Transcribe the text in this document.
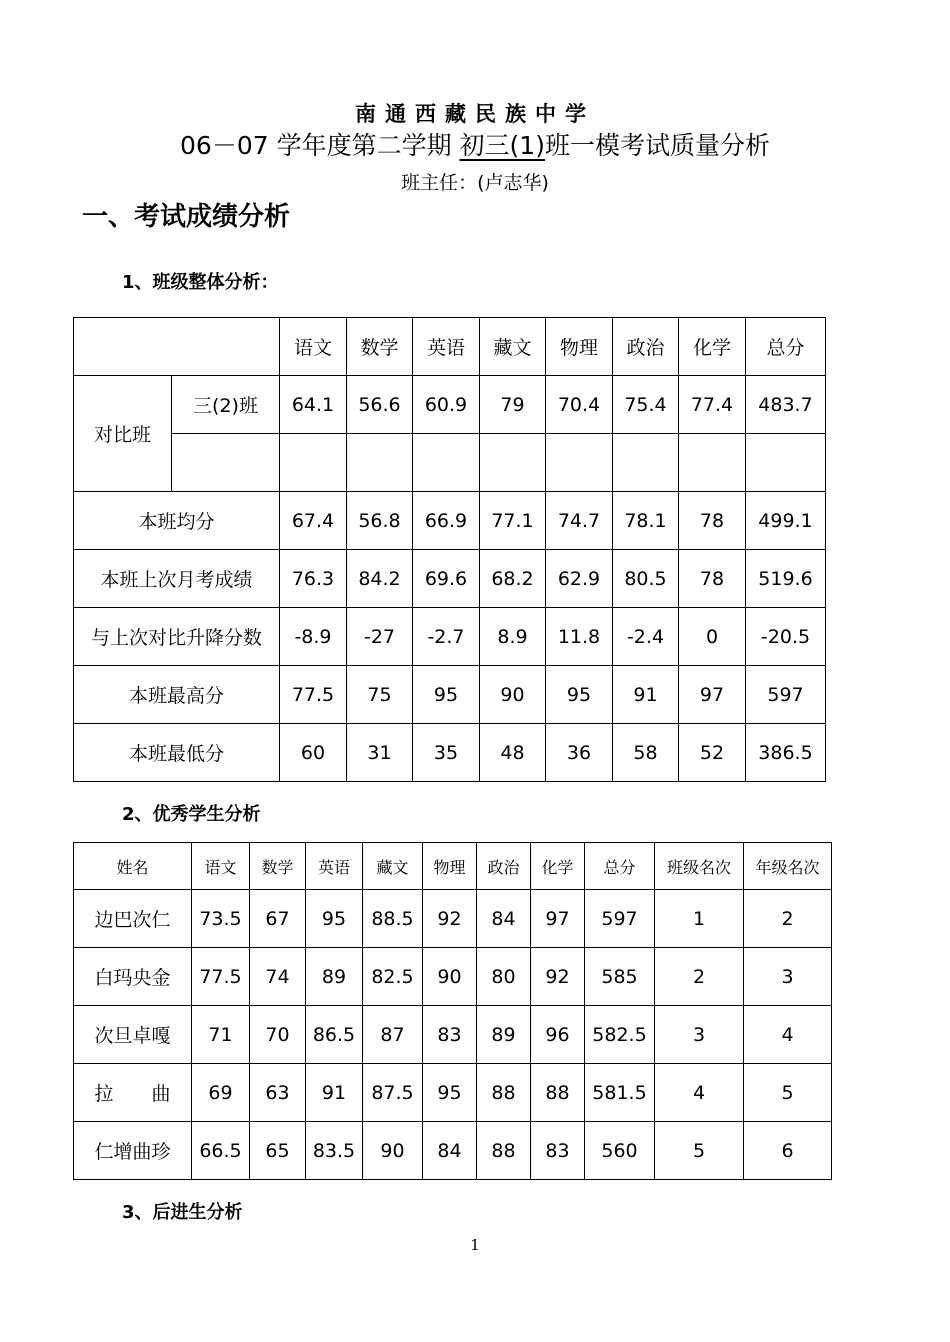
南通西藏民族中学
06－07 学年度第二学期 初三(1)班一模考试质量分析
班主任：(卢志华)
一、考试成绩分析
1、班级整体分析：
		语文	数学	英语	藏文	物理	政治	化学	总分
对比班	三(2)班	64.1	56.6	60.9	79	70.4	75.4	77.4	483.7

本班均分		67.4	56.8	66.9	77.1	74.7	78.1	78	499.1
本班上次月考成绩		76.3	84.2	69.6	68.2	62.9	80.5	78	519.6
与上次对比升降分数		-8.9	-27	-2.7	8.9	11.8	-2.4	0	-20.5
本班最高分		77.5	75	95	90	95	91	97	597
本班最低分		60	31	35	48	36	58	52	386.5
2、优秀学生分析
姓名	语文	数学	英语	藏文	物理	政治	化学	总分	班级名次	年级名次
边巴次仁	73.5	67	95	88.5	92	84	97	597	1	2
白玛央金	77.5	74	89	82.5	90	80	92	585	2	3
次旦卓嘎	71	70	86.5	87	83	89	96	582.5	3	4
拉　　曲	69	63	91	87.5	95	88	88	581.5	4	5
仁增曲珍	66.5	65	83.5	90	84	88	83	560	5	6
3、后进生分析
1
